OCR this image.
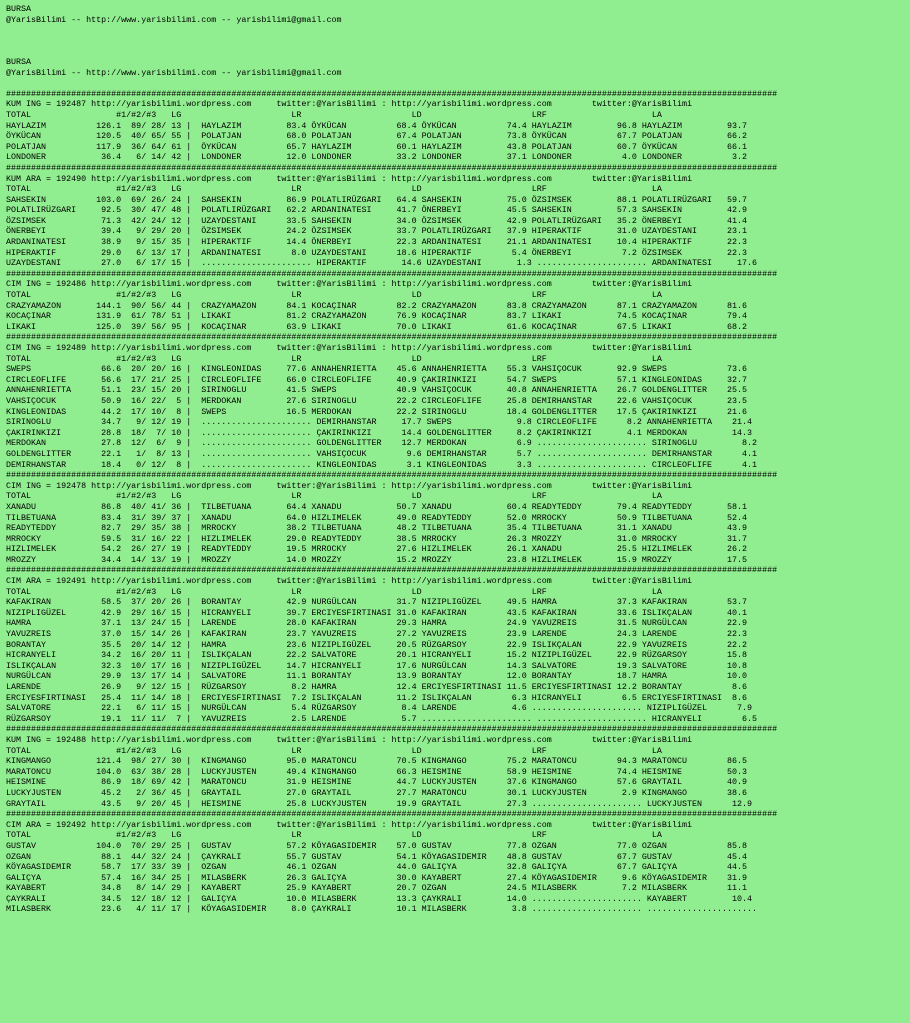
BURSA
@YarisBilimi -- http://www.yarisbilimi.com -- yarisbilimi@gmail.com

BURSA
@YarisBilimi -- http://www.yarisbilimi.com -- yarisbilimi@gmail.com

##########################################################################################################################################################
KUM ING = 192487 http://yarisbilimi.wordpress.com     twitter:@YarisBilimi : http://yarisbilimi.wordpress.com        twitter:@YarisBilimi
TOTAL                 #1/#2/#3   LG                      LR                      LD                      LRF                     LA
HAYLAZIM          126.1  89/ 28/ 13 |  HAYLAZIM         83.4 ÖYKÜCAN          68.4 ÖYKÜCAN          74.4 HAYLAZIM         96.8 HAYLAZIM         93.7
ÖYKÜCAN           120.5  40/ 65/ 55 |  POLATJAN         68.0 POLATJAN         67.4 POLATJAN         73.8 ÖYKÜCAN          67.7 POLATJAN         66.2
POLATJAN          117.9  36/ 64/ 61 |  ÖYKÜCAN          65.7 HAYLAZIM         60.1 HAYLAZIM         43.8 POLATJAN         60.7 ÖYKÜCAN          66.1
LONDONER           36.4   6/ 14/ 42 |  LONDONER         12.0 LONDONER         33.2 LONDONER         37.1 LONDONER          4.0 LONDONER          3.2
##########################################################################################################################################################
KUM ARA = 192490 http://yarisbilimi.wordpress.com     twitter:@YarisBilimi : http://yarisbilimi.wordpress.com        twitter:@YarisBilimi
TOTAL                 #1/#2/#3   LG                      LR                      LD                      LRF                     LA
SAHSEKIN          103.0  69/ 26/ 24 |  SAHSEKIN         86.9 POLATLIRÜZGARI   64.4 SAHSEKIN         75.0 ÖZSIMSEK         88.1 POLATLIRÜZGARI   59.7
POLATLIRÜZGARI     92.5  30/ 47/ 48 |  POLATLIRÜZGARI   62.2 ARDANINATESI     41.7 ÖNERBEYI         45.5 SAHSEKIN         57.3 SAHSEKIN         42.9
ÖZSIMSEK           71.3  42/ 24/ 12 |  UZAYDESTANI      33.5 SAHSEKIN         34.0 ÖZSIMSEK         42.9 POLATLIRÜZGARI   35.2 ÖNERBEYI         41.4
ÖNERBEYI           39.4   9/ 29/ 20 |  ÖZSIMSEK         24.2 ÖZSIMSEK         33.7 POLATLIRÜZGARI   37.9 HIPERAKTIF       31.0 UZAYDESTANI      23.1
ARDANINATESI       38.9   9/ 15/ 35 |  HIPERAKTIF       14.4 ÖNERBEYI         22.3 ARDANINATESI     21.1 ARDANINATESI     10.4 HIPERAKTIF       22.3
HIPERAKTIF         29.0   6/ 13/ 17 |  ARDANINATESI      8.0 UZAYDESTANI      18.6 HIPERAKTIF        5.4 ÖNERBEYI          7.2 ÖZSIMSEK         22.3
UZAYDESTANI        27.0   6/ 17/ 15 |  ...................... HIPERAKTIF       14.6 UZAYDESTANI       1.3 ...................... ARDANINATESI     17.6
##########################################################################################################################################################
CIM ING = 192486 http://yarisbilimi.wordpress.com     twitter:@YarisBilimi : http://yarisbilimi.wordpress.com        twitter:@YarisBilimi
TOTAL                 #1/#2/#3   LG                      LR                      LD                      LRF                     LA
CRAZYAMAZON       144.1  90/ 56/ 44 |  CRAZYAMAZON      84.1 KOCAÇINAR        82.2 CRAZYAMAZON      83.8 CRAZYAMAZON      87.1 CRAZYAMAZON      81.6
KOCAÇINAR         131.9  61/ 78/ 51 |  LIKAKI           81.2 CRAZYAMAZON      76.9 KOCAÇINAR        83.7 LIKAKI           74.5 KOCAÇINAR        79.4
LIKAKI            125.0  39/ 56/ 95 |  KOCAÇINAR        63.9 LIKAKI           70.0 LIKAKI           61.6 KOCAÇINAR        67.5 LIKAKI           68.2
##########################################################################################################################################################
CIM ING = 192489 http://yarisbilimi.wordpress.com     twitter:@YarisBilimi : http://yarisbilimi.wordpress.com        twitter:@YarisBilimi
TOTAL                 #1/#2/#3   LG                      LR                      LD                      LRF                     LA
SWEPS              66.6  20/ 20/ 16 |  KINGLEONIDAS     77.6 ANNAHENRIETTA    45.6 ANNAHENRIETTA    55.3 VAHSIÇOCUK       92.9 SWEPS            73.6
CIRCLEOFLIFE       56.6  17/ 21/ 25 |  CIRCLEOFLIFE     66.0 CIRCLEOFLIFE     40.9 ÇAKIRINKIZI      54.7 SWEPS            57.1 KINGLEONIDAS     32.7
ANNAHENRIETTA      51.1  23/ 15/ 20 |  SIRINOGLU        41.5 SWEPS            40.9 VAHSIÇOCUK       40.8 ANNAHENRIETTA    26.7 GOLDENGLITTER    25.5
VAHSIÇOCUK         50.9  16/ 22/  5 |  MERDOKAN         27.6 SIRINOGLU        22.2 CIRCLEOFLIFE     25.8 DEMIRHANSTAR     22.6 VAHSIÇOCUK       23.5
KINGLEONIDAS       44.2  17/ 10/  8 |  SWEPS            16.5 MERDOKAN         22.2 SIRINOGLU        18.4 GOLDENGLITTER    17.5 ÇAKIRINKIZI      21.6
SIRINOGLU          34.7   9/ 12/ 19 |  ...................... DEMIRHANSTAR     17.7 SWEPS             9.8 CIRCLEOFLIFE      8.2 ANNAHENRIETTA    21.4
ÇAKIRINKIZI        28.8  18/  7/ 10 |  ...................... ÇAKIRINKIZI      14.4 GOLDENGLITTER     8.2 ÇAKIRINKIZI       4.1 MERDOKAN         14.3
MERDOKAN           27.8  12/  6/  9 |  ...................... GOLDENGLITTER    12.7 MERDOKAN          6.9 ...................... SIRINOGLU         8.2
GOLDENGLITTER      22.1   1/  8/ 13 |  ...................... VAHSIÇOCUK        9.6 DEMIRHANSTAR      5.7 ...................... DEMIRHANSTAR      4.1
DEMIRHANSTAR       18.4   0/ 12/  8 |  ...................... KINGLEONIDAS      3.1 KINGLEONIDAS      3.3 ...................... CIRCLEOFLIFE      4.1
##########################################################################################################################################################
CIM ING = 192478 http://yarisbilimi.wordpress.com     twitter:@YarisBilimi : http://yarisbilimi.wordpress.com        twitter:@YarisBilimi
TOTAL                 #1/#2/#3   LG                      LR                      LD                      LRF                     LA
XANADU             86.8  40/ 41/ 36 |  TILBETUANA       64.4 XANADU           50.7 XANADU           60.4 READYTEDDY       79.4 READYTEDDY       58.1
TILBETUANA         83.4  31/ 39/ 37 |  XANADU           64.0 HIZLIMELEK       49.0 READYTEDDY       52.0 MRROCKY          50.9 TILBETUANA       52.4
READYTEDDY         82.7  29/ 35/ 38 |  MRROCKY          38.2 TILBETUANA       48.2 TILBETUANA       35.4 TILBETUANA       31.1 XANADU           43.9
MRROCKY            59.5  31/ 16/ 22 |  HIZLIMELEK       29.0 READYTEDDY       38.5 MRROCKY          26.3 MROZZY           31.0 MRROCKY          31.7
HIZLIMELEK         54.2  26/ 27/ 19 |  READYTEDDY       19.5 MRROCKY          27.6 HIZLIMELEK       26.1 XANADU           25.5 HIZLIMELEK       26.2
MROZZY             34.4  14/ 13/ 19 |  MROZZY           14.0 MROZZY           15.2 MROZZY           23.8 HIZLIMELEK       15.9 MROZZY           17.5
##########################################################################################################################################################
CIM ARA = 192491 http://yarisbilimi.wordpress.com     twitter:@YarisBilimi : http://yarisbilimi.wordpress.com        twitter:@YarisBilimi
TOTAL                 #1/#2/#3   LG                      LR                      LD                      LRF                     LA
KAFAKIRAN          58.5  37/ 20/ 26 |  BORANTAY         42.9 NURGÜLCAN        31.7 NIZIPLIGÜZEL     49.5 HAMRA            37.3 KAFAKIRAN        53.7
NIZIPLIGÜZEL       42.9  29/ 16/ 15 |  HICRANYELI       39.7 ERCIYESFIRTINASI 31.0 KAFAKIRAN        43.5 KAFAKIRAN        33.6 ISLIKÇALAN       40.1
HAMRA              37.1  13/ 24/ 15 |  LARENDE          28.0 KAFAKIRAN        29.3 HAMRA            24.9 YAVUZREIS        31.5 NURGÜLCAN        22.9
YAVUZREIS          37.0  15/ 14/ 26 |  KAFAKIRAN        23.7 YAVUZREIS        27.2 YAVUZREIS        23.9 LARENDE          24.3 LARENDE          22.3
BORANTAY           35.5  20/ 14/ 12 |  HAMRA            23.6 NIZIPLIGÜZEL     20.5 RÜZGARSOY        22.9 ISLIKÇALAN       22.9 YAVUZREIS        22.2
HICRANYELI         34.2  16/ 20/ 11 |  ISLIKÇALAN       22.2 SALVATORE        20.1 HICRANYELI       15.2 NIZIPLIGÜZEL     22.9 RÜZGARSOY        15.8
ISLIKÇALAN         32.3  10/ 17/ 16 |  NIZIPLIGÜZEL     14.7 HICRANYELI       17.6 NURGÜLCAN        14.3 SALVATORE        19.3 SALVATORE        10.8
NURGÜLCAN          29.9  13/ 17/ 14 |  SALVATORE        11.1 BORANTAY         13.9 BORANTAY         12.0 BORANTAY         18.7 HAMRA            10.0
LARENDE            26.9   9/ 12/ 15 |  RÜZGARSOY         8.2 HAMRA            12.4 ERCIYESFIRTINASI 11.5 ERCIYESFIRTINASI 12.2 BORANTAY          8.6
ERCIYESFIRTINASI   25.4  11/ 14/ 18 |  ERCIYESFIRTINASI  7.2 ISLIKÇALAN       11.2 ISLIKÇALAN        6.3 HICRANYELI        6.5 ERCIYESFIRTINASI  8.6
SALVATORE          22.1   6/ 11/ 15 |  NURGÜLCAN         5.4 RÜZGARSOY         8.4 LARENDE           4.6 ...................... NIZIPLIGÜZEL      7.9
RÜZGARSOY          19.1  11/ 11/  7 |  YAVUZREIS         2.5 LARENDE           5.7 ...................... ...................... HICRANYELI        6.5
##########################################################################################################################################################
KUM ING = 192488 http://yarisbilimi.wordpress.com     twitter:@YarisBilimi : http://yarisbilimi.wordpress.com        twitter:@YarisBilimi
TOTAL                 #1/#2/#3   LG                      LR                      LD                      LRF                     LA
KINGMANGO         121.4  98/ 27/ 30 |  KINGMANGO        95.0 MARATONCU        70.5 KINGMANGO        75.2 MARATONCU        94.3 MARATONCU        86.5
MARATONCU         104.0  63/ 38/ 28 |  LUCKYJUSTEN      49.4 KINGMANGO        66.3 HEISMINE         58.9 HEISMINE         74.4 HEISMINE         50.3
HEISMINE           86.9  18/ 69/ 42 |  MARATONCU        31.9 HEISMINE         44.7 LUCKYJUSTEN      37.6 KINGMANGO        57.6 GRAYTAIL         40.9
LUCKYJUSTEN        45.2   2/ 36/ 45 |  GRAYTAIL         27.0 GRAYTAIL         27.7 MARATONCU        30.1 LUCKYJUSTEN       2.9 KINGMANGO        38.6
GRAYTAIL           43.5   9/ 20/ 45 |  HEISMINE         25.8 LUCKYJUSTEN      19.9 GRAYTAIL         27.3 ...................... LUCKYJUSTEN      12.9
##########################################################################################################################################################
CIM ARA = 192492 http://yarisbilimi.wordpress.com     twitter:@YarisBilimi : http://yarisbilimi.wordpress.com        twitter:@YarisBilimi
TOTAL                 #1/#2/#3   LG                      LR                      LD                      LRF                     LA
GUSTAV            104.0  70/ 29/ 25 |  GUSTAV           57.2 KÖYAGASIDEMIR    57.0 GUSTAV           77.8 OZGAN            77.0 OZGAN            85.8
OZGAN              88.1  44/ 32/ 24 |  ÇAYKRALI         55.7 GUSTAV           54.1 KÖYAGASIDEMIR    48.8 GUSTAV           67.7 GUSTAV           45.4
KÖYAGASIDEMIR      58.7  17/ 33/ 39 |  OZGAN            46.1 OZGAN            44.0 GALIÇYA          32.8 GALIÇYA          67.7 GALIÇYA          44.5
GALIÇYA            57.4  16/ 34/ 25 |  MILASBERK        26.3 GALIÇYA          30.0 KAYABERT         27.4 KÖYAGASIDEMIR     9.6 KÖYAGASIDEMIR    31.9
KAYABERT           34.8   8/ 14/ 29 |  KAYABERT         25.9 KAYABERT         20.7 OZGAN            24.5 MILASBERK         7.2 MILASBERK        11.1
ÇAYKRALI           34.5  12/ 18/ 12 |  GALIÇYA          10.0 MILASBERK        13.3 ÇAYKRALI         14.0 ...................... KAYABERT         10.4
MILASBERK          23.6   4/ 11/ 17 |  KÖYAGASIDEMIR     8.0 ÇAYKRALI         10.1 MILASBERK         3.8 ...................... ......................
